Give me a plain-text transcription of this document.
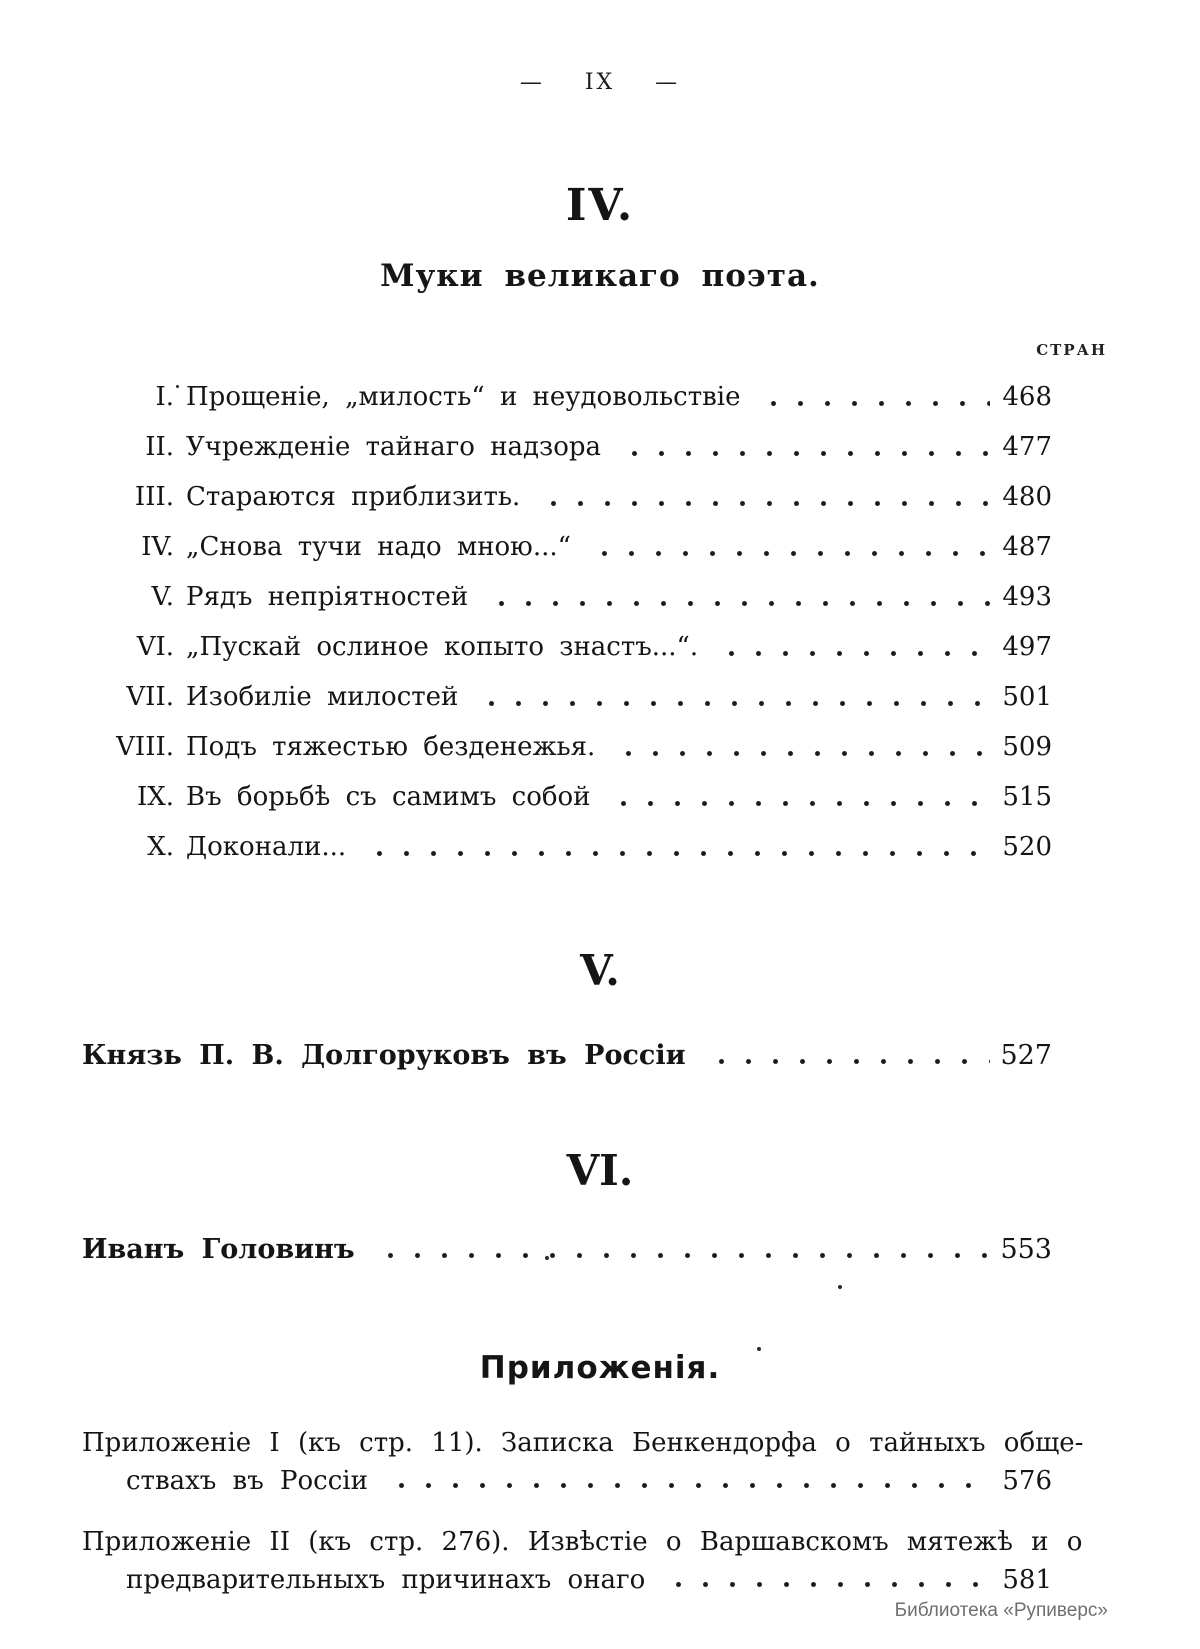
— IX —
IV.
Муки великаго поэта.
СТРАН
I. Прощеніе, „милость“ и неудовольствіе	468
II. Учрежденіе тайнаго надзора	477
III. Стараются приблизить.	480
IV. „Снова тучи надо мною...“	487
V. Рядъ непріятностей	493
VI. „Пускай ослиное копыто знастъ...“.	497
VII. Изобиліе милостей	501
VIII. Подъ тяжестью безденежья.	509
IX. Въ борьбѣ съ самимъ собой	515
X. Доконали...	520
V.
Князь П. В. Долгоруковъ въ Россіи	527
VI.
Иванъ Головинъ	553
Приложенія.
Приложеніе I (къ стр. 11). Записка Бенкендорфа о тайныхъ обще-
ствахъ въ Россіи	576
Приложеніе II (къ стр. 276). Извѣстіе о Варшавскомъ мятежѣ и о
предварительныхъ причинахъ онаго	581
Библиотека «Рупиверс»
